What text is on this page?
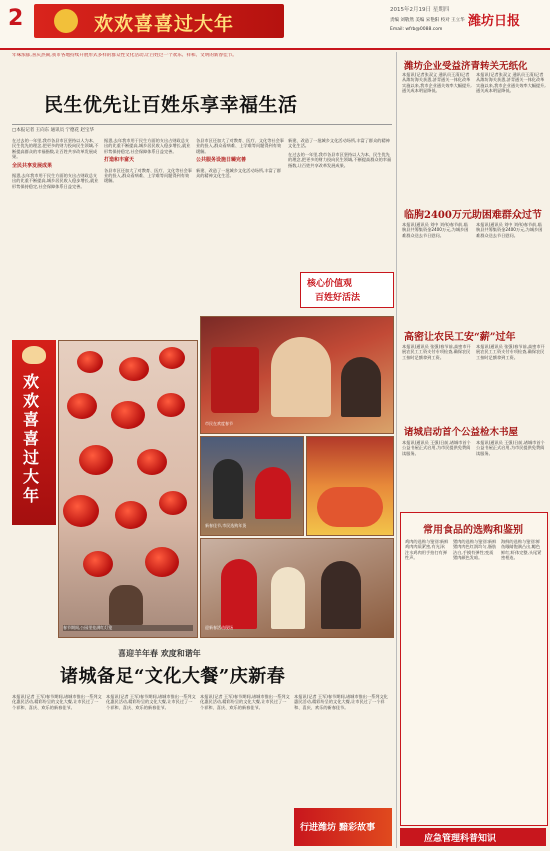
2	欢欢喜喜过大年
2015年2月19日 星期四
责编 刘敬然 美编 宋艳阳 校对 王立华
Email: wfrb@0088.com
潍坊日报
年味浓郁,喜庆热闹,我市各地持续开展形式多样的群众性文化活动,让百姓过一个欢乐、祥和、文明的新春佳节。
民生优先让百姓乐享幸福生活
□本报记者 王向东 通讯员 宁德花 赵宝华
在过去的一年里,我市各县市区坚持以人为本、民生优先的理念,把更多的财力投向民生领域,不断提高群众的幸福指数,让百姓共享改革发展成果。
全民共享发展成果
据悉,去年我市用于民生方面的支出占财政总支出的比重不断提高,城乡居民收入稳步增长,就业形势保持稳定,社会保障体系日益完善。
据悉,去年我市用于民生方面的支出占财政总支出的比重不断提高,城乡居民收入稳步增长,就业形势保持稳定,社会保障体系日益完善。
打造和丰富天
各县市区还加大了对教育、医疗、文化等社会事业的投入,群众看病难、上学难等问题得到有效缓解。
各县市区还加大了对教育、医疗、文化等社会事业的投入,群众看病难、上学难等问题得到有效缓解。
公共服务设施日臻完善
新建、改造了一批城乡文化活动场所,丰富了群众的精神文化生活。
新建、改造了一批城乡文化活动场所,丰富了群众的精神文化生活。
在过去的一年里,我市各县市区坚持以人为本、民生优先的理念,把更多的财力投向民生领域,不断提高群众的幸福指数,让百姓共享改革发展成果。
核心价值观
百姓好活法
欢欢喜喜过大年
春节期间,公园里挂满红灯笼
市民在欢度春节
新春佳节,市民选购年货
迎新春活动现场
喜迎羊年春 欢度和谐年
诸城备足“文化大餐”庆新春
本报讯(记者 王军)春节期间,诸城市推出一系列文化惠民活动,精彩纷呈的文化大餐,让市民过了一个祥和、喜庆、欢乐的新春佳节。
本报讯(记者 王军)春节期间,诸城市推出一系列文化惠民活动,精彩纷呈的文化大餐,让市民过了一个祥和、喜庆、欢乐的新春佳节。
本报讯(记者 王军)春节期间,诸城市推出一系列文化惠民活动,精彩纷呈的文化大餐,让市民过了一个祥和、喜庆、欢乐的新春佳节。
本报讯(记者 王军)春节期间,诸城市推出一系列文化惠民活动,精彩纷呈的文化大餐,让市民过了一个祥和、喜庆、欢乐的新春佳节。
行进潍坊 黯彩故事
潍坊企业受益济青转关无纸化
本报讯(记者张双义 通讯员王清)记者从潍坊海关获悉,济青通关一体化改革实施以来,我市企业通关效率大幅提升,通关成本明显降低。
本报讯(记者张双义 通讯员王清)记者从潍坊海关获悉,济青通关一体化改革实施以来,我市企业通关效率大幅提升,通关成本明显降低。
临朐2400万元助困难群众过节
本报讯(通讯员 刘中 刘伟)春节前,临朐县共筹集资金2400万元,为城乡困难群众送去节日慰问。
本报讯(通讯员 刘中 刘伟)春节前,临朐县共筹集资金2400万元,为城乡困难群众送去节日慰问。
高密让农民工安“薪”过年
本报讯(通讯员 张强)春节前,高密市开展农民工工资支付专项检查,确保农民工按时足额拿到工资。
本报讯(通讯员 张强)春节前,高密市开展农民工工资支付专项检查,确保农民工按时足额拿到工资。
诸城启动首个公益检木书屋
本报讯(通讯员 王强)日前,诸城市首个公益书屋正式启用,为市民提供免费阅读服务。
本报讯(通讯员 王强)日前,诸城市首个公益书屋正式启用,为市民提供免费阅读服务。
常用食品的选购和鉴别
鸡肉的选购与鉴别:新鲜鸡肉肉质紧密,有光泽;注水鸡肉用手拍打有弹性声。
猪肉的选购与鉴别:新鲜猪肉肉色红润均匀,脂肪洁白,手摸有弹性;变质猪肉颜色发暗。
海鲜的选购与鉴别:鲜鱼眼睛饱满凸出,鳃色鲜红;虾体完整,头尾紧密相连。
应急管理科普知识
